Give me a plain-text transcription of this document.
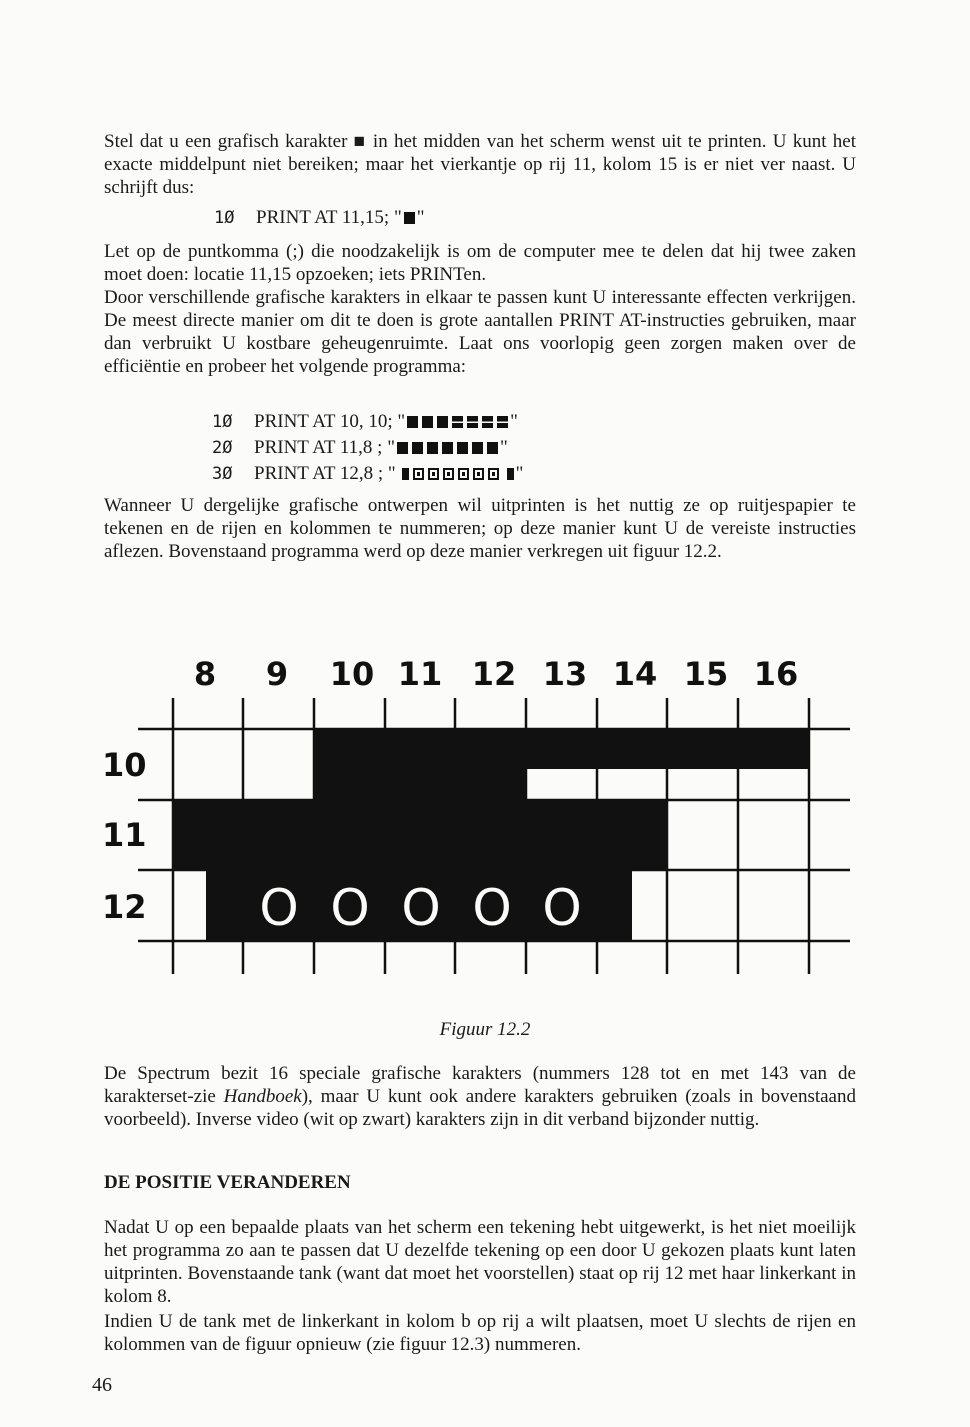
Stel dat u een grafisch karakter ■ in het midden van het scherm wenst uit te printen. U kunt het exacte middelpunt niet bereiken; maar het vierkantje op rij 11, kolom 15 is er niet ver naast. U schrijft dus:

1Ø PRINT AT 11,15; " "

Let op de puntkomma (;) die noodzakelijk is om de computer mee te delen dat hij twee zaken moet doen: locatie 11,15 opzoeken; iets PRINTen.

Door verschillende grafische karakters in elkaar te passen kunt U interessante effecten verkrijgen. De meest directe manier om dit te doen is grote aantallen PRINT AT-instructies gebruiken, maar dan verbruikt U kostbare geheugenruimte. Laat ons voorlopig geen zorgen maken over de efficiëntie en probeer het volgende programma:

1Ø PRINT AT 10, 10; "	"
2Ø PRINT AT 11,8 ; "	"
3Ø PRINT AT 12,8 ; "	"

Wanneer U dergelijke grafische ontwerpen wil uitprinten is het nuttig ze op ruitjespapier te tekenen en de rijen en kolommen te nummeren; op deze manier kunt U de vereiste instructies aflezen. Bovenstaand programma werd op deze manier verkregen uit figuur 12.2.

8 9 10 11 12 13 14 15 16
10
11
12 O O O O O
Figuur 12.2

De Spectrum bezit 16 speciale grafische karakters (nummers 128 tot en met 143 van de karakterset-zie Handboek), maar U kunt ook andere karakters gebruiken (zoals in bovenstaand voorbeeld). Inverse video (wit op zwart) karakters zijn in dit verband bijzonder nuttig.

DE POSITIE VERANDEREN

Nadat U op een bepaalde plaats van het scherm een tekening hebt uitgewerkt, is het niet moeilijk het programma zo aan te passen dat U dezelfde tekening op een door U gekozen plaats kunt laten uitprinten. Bovenstaande tank (want dat moet het voorstellen) staat op rij 12 met haar linkerkant in kolom 8.

Indien U de tank met de linkerkant in kolom b op rij a wilt plaatsen, moet U slechts de rijen en kolommen van de figuur opnieuw (zie figuur 12.3) nummeren.

46
